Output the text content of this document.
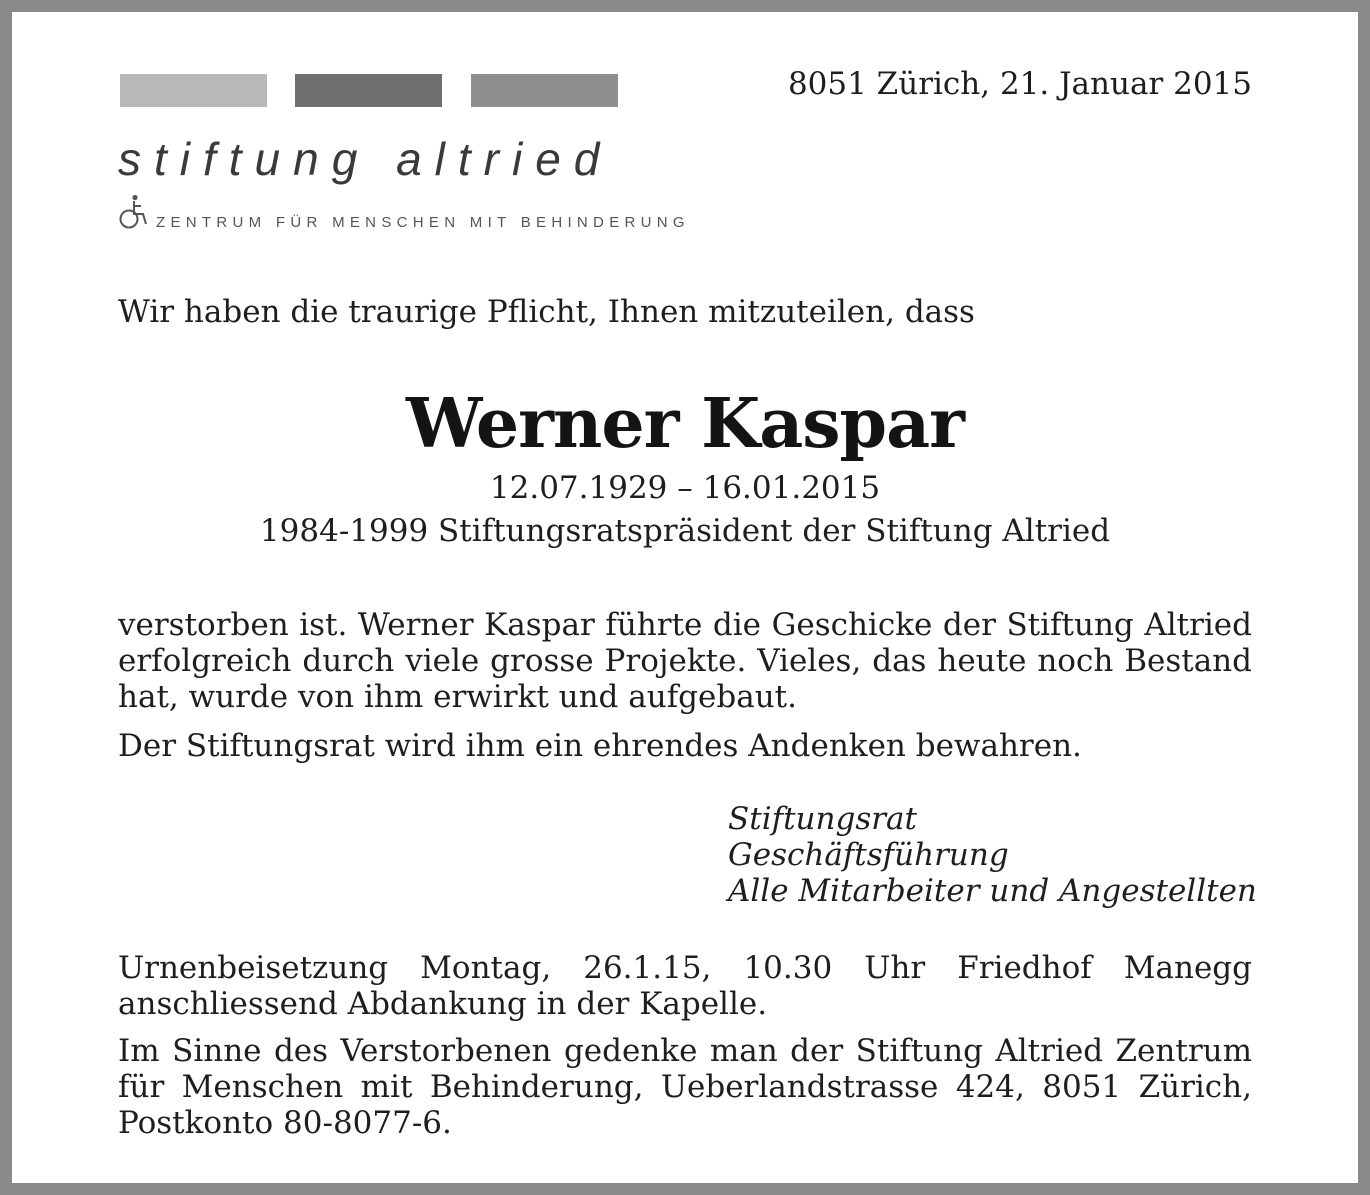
stiftung altried
ZENTRUM FÜR MENSCHEN MIT BEHINDERUNG
8051 Zürich, 21. Januar 2015
Wir haben die traurige Pflicht, Ihnen mitzuteilen, dass
Werner Kaspar
12.07.1929 – 16.01.2015
1984-1999 Stiftungsratspräsident der Stiftung Altried
verstorben ist. Werner Kaspar führte die Geschicke der Stiftung Altried erfolgreich durch viele grosse Projekte. Vieles, das heute noch Bestand hat, wurde von ihm erwirkt und aufgebaut.
Der Stiftungsrat wird ihm ein ehrendes Andenken bewahren.
Stiftungsrat
Geschäftsführung
Alle Mitarbeiter und Angestellten
Urnenbeisetzung Montag, 26.1.15, 10.30 Uhr Friedhof Manegg anschliessend Abdankung in der Kapelle.
Im Sinne des Verstorbenen gedenke man der Stiftung Altried Zentrum für Menschen mit Behinderung, Ueberlandstrasse 424, 8051 Zürich, Postkonto 80-8077-6.
